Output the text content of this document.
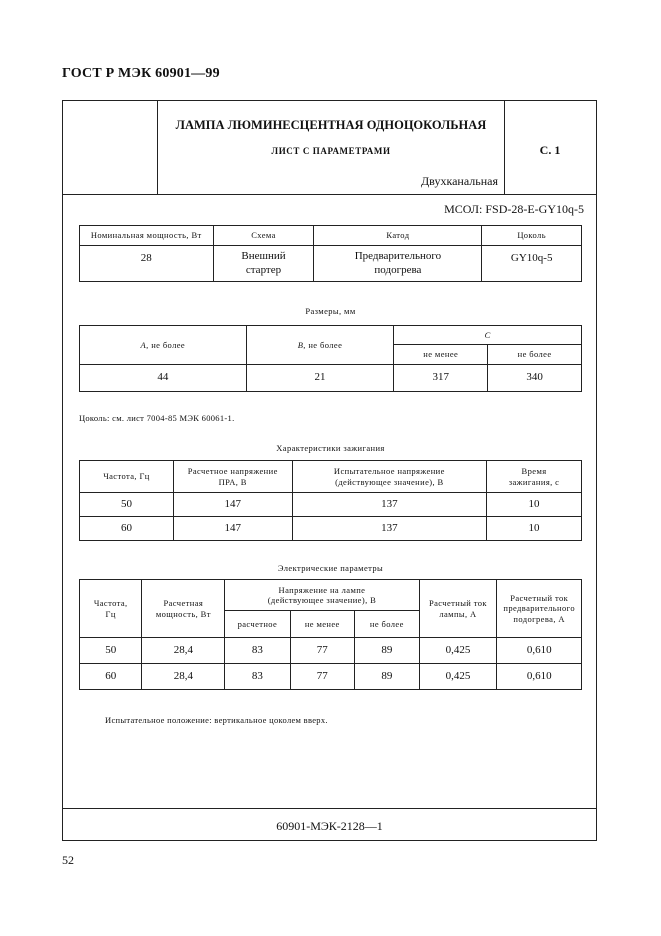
ГОСТ Р МЭК 60901—99
ЛАМПА ЛЮМИНЕСЦЕНТНАЯ ОДНОЦОКОЛЬНАЯ
ЛИСТ С ПАРАМЕТРАМИ
Двухканальная
С. 1
МСОЛ: FSD-28-E-GY10q-5
Номинальная мощность, Вт	Схема	Катод	Цоколь
28	Внешний стартер	Предварительного подогрева	GY10q-5
Размеры, мм
A, не более	B, не более	C	
		не менее	не более
44	21	317	340
Цоколь: см. лист 7004-85 МЭК 60061-1.
Характеристики зажигания
Частота, Гц	Расчетное напряжение ПРА, В	Испытательное напряжение (действующее значение), В	Время зажигания, с
50	147	137	10
60	147	137	10
Электрические параметры
Частота, Гц	Расчетная мощность, Вт	Напряжение на лампе (действующее значение), В			Расчетный ток лампы, А	Расчетный ток предварительного подогрева, А
		расчетное	не менее	не более		
50	28,4	83	77	89	0,425	0,610
60	28,4	83	77	89	0,425	0,610
Испытательное положение: вертикальное цоколем вверх.
60901-МЭК-2128—1
52
